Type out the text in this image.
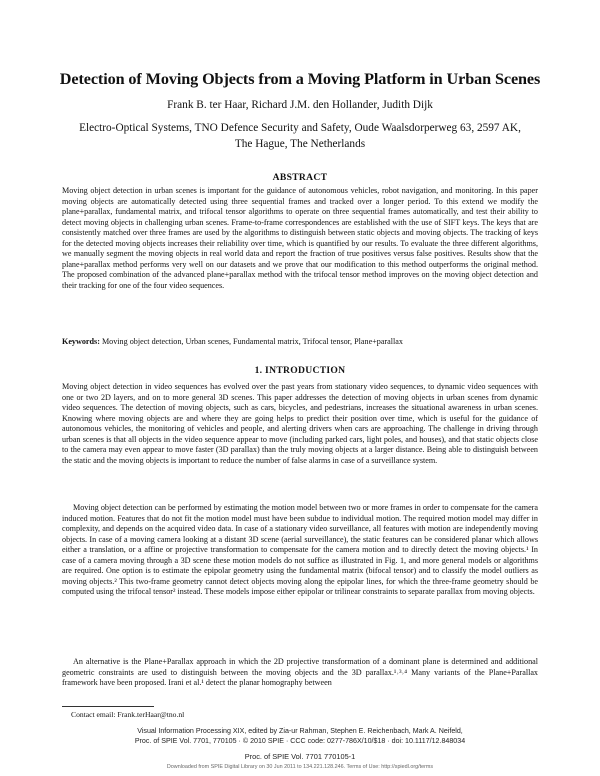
Detection of Moving Objects from a Moving Platform in Urban Scenes
Frank B. ter Haar, Richard J.M. den Hollander, Judith Dijk
Electro-Optical Systems, TNO Defence Security and Safety, Oude Waalsdorperweg 63, 2597 AK,
The Hague, The Netherlands
ABSTRACT

Moving object detection in urban scenes is important for the guidance of autonomous vehicles, robot navigation, and monitoring. In this paper moving objects are automatically detected using three sequential frames and tracked over a longer period. To this extend we modify the plane+parallax, fundamental matrix, and trifocal tensor algorithms to operate on three sequential frames automatically, and test their ability to detect moving objects in challenging urban scenes. Frame-to-frame correspondences are established with the use of SIFT keys. The keys that are consistently matched over three frames are used by the algorithms to distinguish between static objects and moving objects. The tracking of keys for the detected moving objects increases their reliability over time, which is quantified by our results. To evaluate the three different algorithms, we manually segment the moving objects in real world data and report the fraction of true positives versus false positives. Results show that the plane+parallax method performs very well on our datasets and we prove that our modification to this method outperforms the original method. The proposed combination of the advanced plane+parallax method with the trifocal tensor method improves on the moving object detection and their tracking for one of the four video sequences.

Keywords: Moving object detection, Urban scenes, Fundamental matrix, Trifocal tensor, Plane+parallax

1. INTRODUCTION

Moving object detection in video sequences has evolved over the past years from stationary video sequences, to dynamic video sequences with one or two 2D layers, and on to more general 3D scenes. This paper addresses the detection of moving objects in urban scenes from dynamic video sequences. The detection of moving objects, such as cars, bicycles, and pedestrians, increases the situational awareness in urban scenes. Knowing where moving objects are and where they are going helps to predict their position over time, which is useful for the guidance of autonomous vehicles, the monitoring of vehicles and people, and alerting drivers when cars are approaching. The challenge in driving through urban scenes is that all objects in the video sequence appear to move (including parked cars, light poles, and houses), and that static objects close to the camera may even appear to move faster (3D parallax) than the truly moving objects at a larger distance. Being able to distinguish between the static and the moving objects is important to reduce the number of false alarms in case of a surveillance system.

Moving object detection can be performed by estimating the motion model between two or more frames in order to compensate for the camera induced motion. Features that do not fit the motion model must have been subdue to individual motion. The required motion model may differ in complexity, and depends on the acquired video data. In case of a stationary video surveillance, all features with motion are independently moving objects. In case of a moving camera looking at a distant 3D scene (aerial surveillance), the static features can be considered planar which allows either a translation, or a affine or projective transformation to compensate for the camera motion and to directly detect the moving objects.¹ In case of a camera moving through a 3D scene these motion models do not suffice as illustrated in Fig. 1, and more general models or algorithms are required. One option is to estimate the epipolar geometry using the fundamental matrix (bifocal tensor) and to classify the model outliers as moving objects.² This two-frame geometry cannot detect objects moving along the epipolar lines, for which the three-frame geometry should be computed using the trifocal tensor² instead. These models impose either epipolar or trilinear constraints to separate parallax from moving objects.

An alternative is the Plane+Parallax approach in which the 2D projective transformation of a dominant plane is determined and additional geometric constraints are used to distinguish between the moving objects and the 3D parallax.¹˒³˒⁴ Many variants of the Plane+Parallax framework have been proposed. Irani et al.¹ detect the planar homography between

Contact email: Frank.terHaar@tno.nl
Visual Information Processing XIX, edited by Zia-ur Rahman, Stephen E. Reichenbach, Mark A. Neifeld,
Proc. of SPIE Vol. 7701, 770105 · © 2010 SPIE · CCC code: 0277-786X/10/$18 · doi: 10.1117/12.848034
Proc. of SPIE Vol. 7701 770105-1
Downloaded from SPIE Digital Library on 30 Jun 2011 to 134.221.128.246. Terms of Use: http://spiedl.org/terms
